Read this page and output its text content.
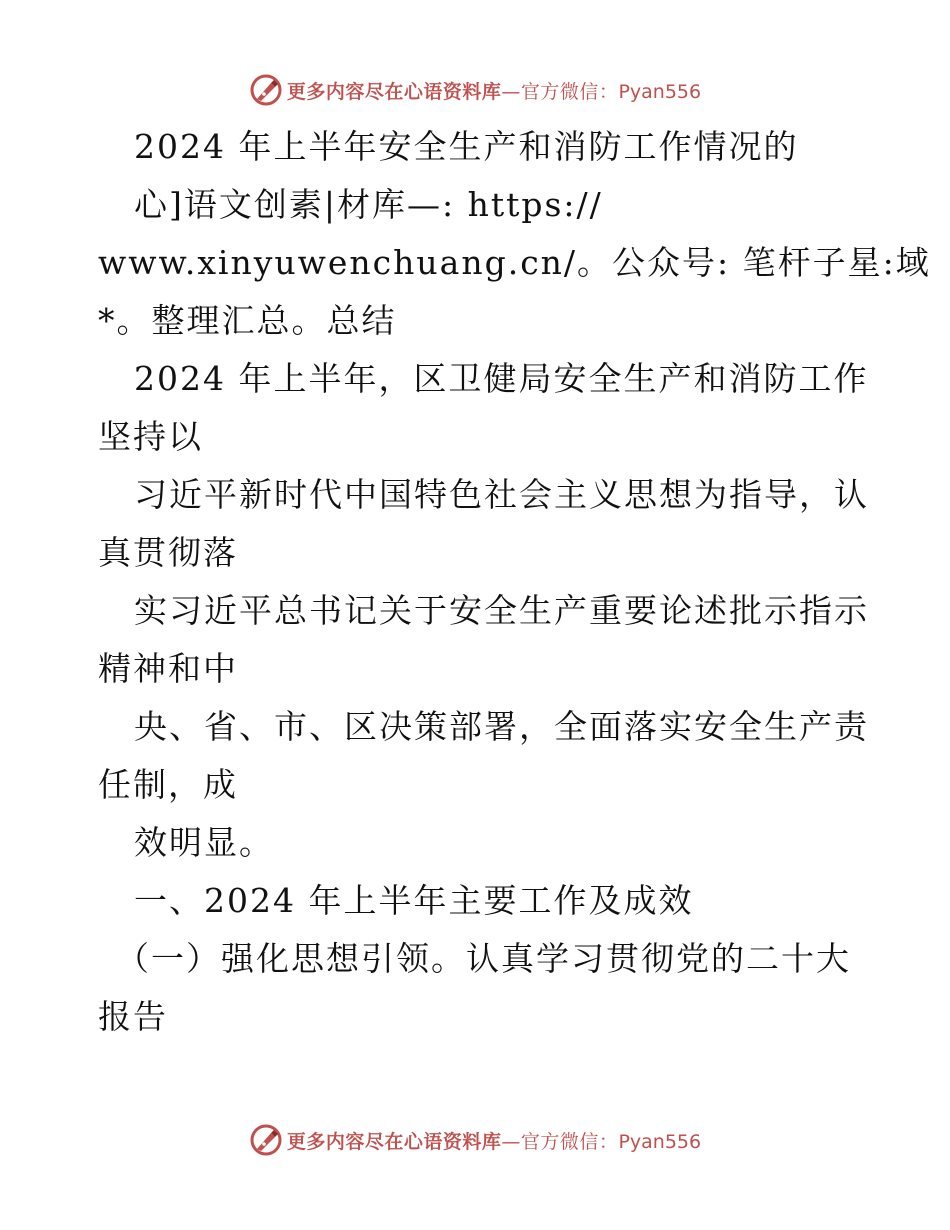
更多内容尽在心语资料库—官方微信：Pyan556
2024 年上半年安全生产和消防工作情况的
心]语文创素|材库—: https://
www.xinyuwenchuang.cn/。公众号: 笔杆子星:域
*。整理汇总。总结
2024 年上半年，区卫健局安全生产和消防工作
坚持以
习近平新时代中国特色社会主义思想为指导，认
真贯彻落
实习近平总书记关于安全生产重要论述批示指示
精神和中
央、省、市、区决策部署，全面落实安全生产责
任制，成
效明显。
一、2024 年上半年主要工作及成效
（一）强化思想引领。认真学习贯彻党的二十大
报告
更多内容尽在心语资料库—官方微信：Pyan556
